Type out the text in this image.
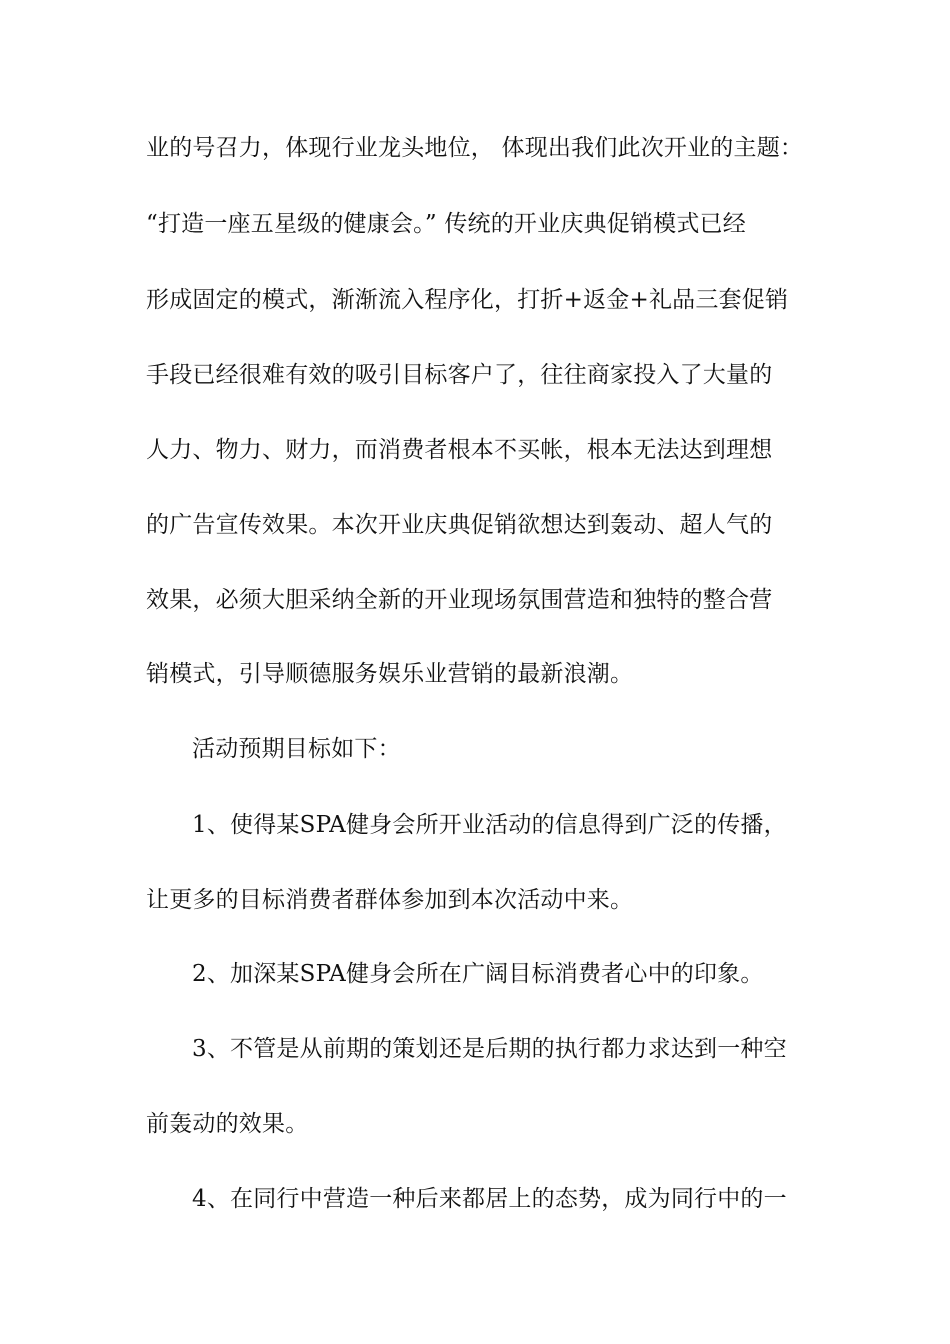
业的号召力，体现行业龙头地位， 体现出我们此次开业的主题：
“打造一座五星级的健康会。” 传统的开业庆典促销模式已经
形成固定的模式，渐渐流入程序化，打折+返金+礼品三套促销
手段已经很难有效的吸引目标客户了，往往商家投入了大量的
人力、物力、财力，而消费者根本不买帐，根本无法达到理想
的广告宣传效果。本次开业庆典促销欲想达到轰动、超人气的
效果，必须大胆采纳全新的开业现场氛围营造和独特的整合营
销模式，引导顺德服务娱乐业营销的最新浪潮。
活动预期目标如下：
1、使得某SPA健身会所开业活动的信息得到广泛的传播，
让更多的目标消费者群体参加到本次活动中来。
2、加深某SPA健身会所在广阔目标消费者心中的印象。
3、不管是从前期的策划还是后期的执行都力求达到一种空
前轰动的效果。
4、在同行中营造一种后来都居上的态势，成为同行中的一
